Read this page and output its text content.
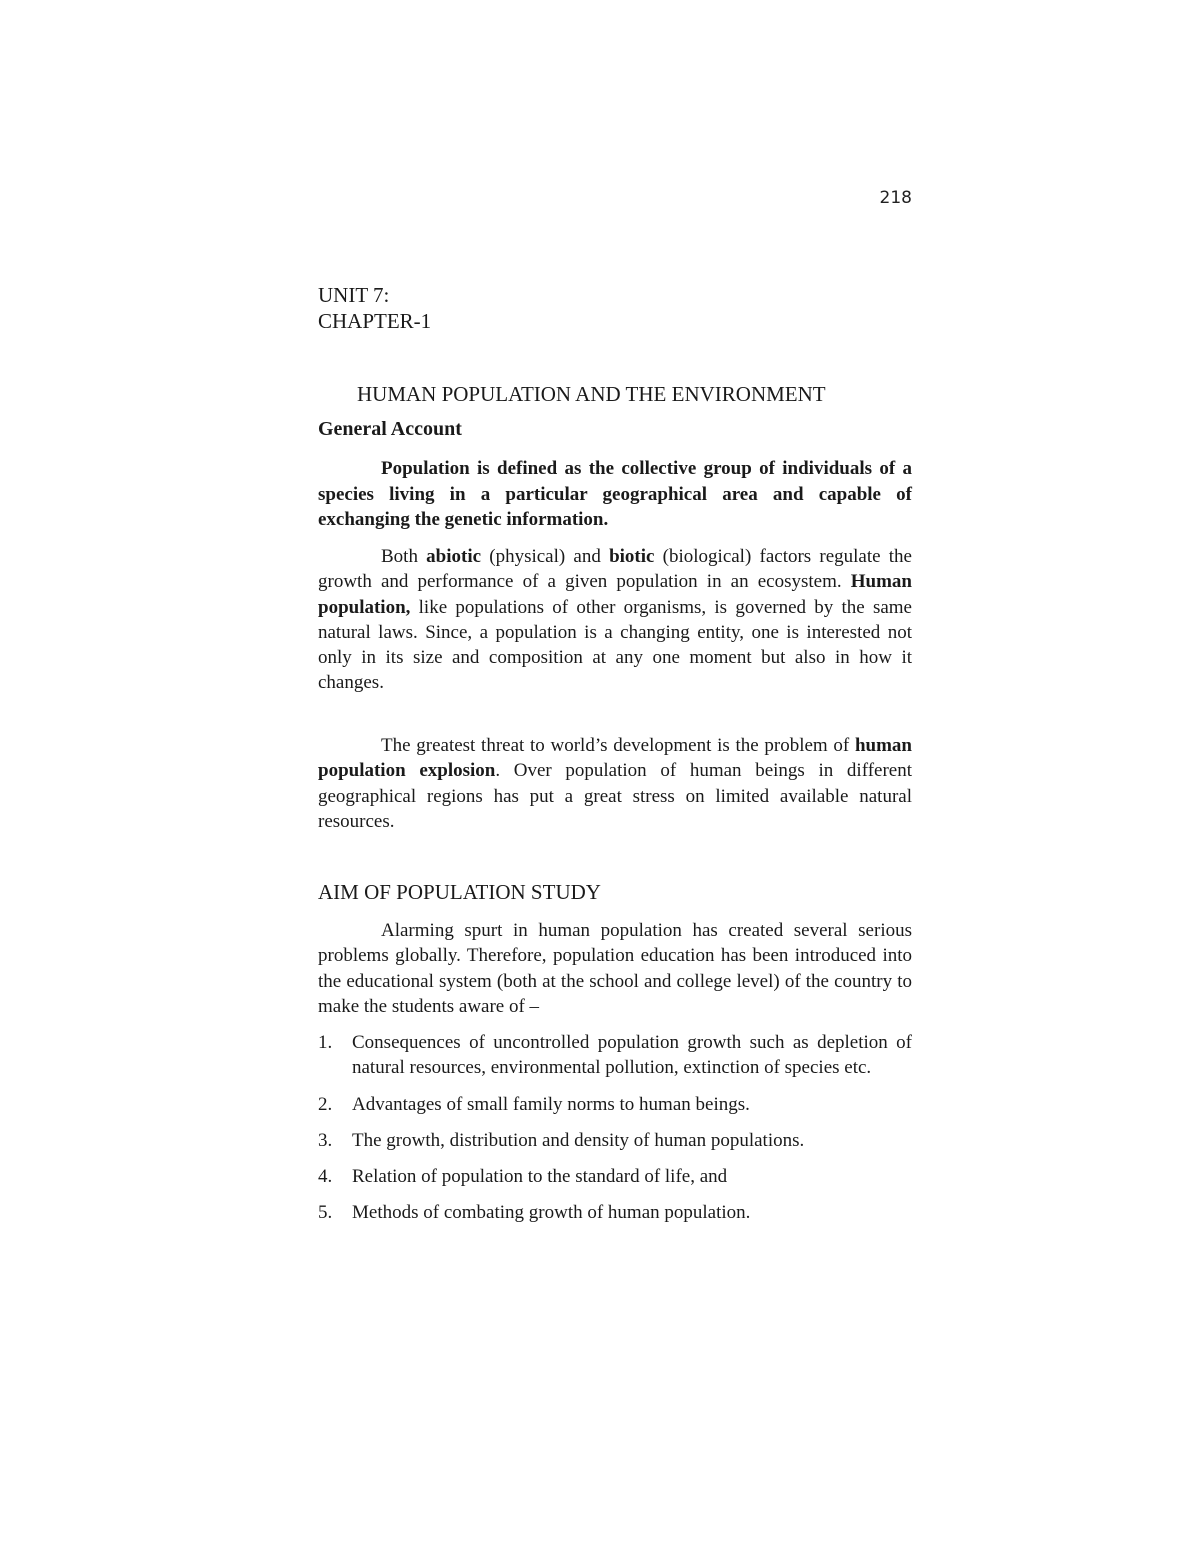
218
UNIT 7:
CHAPTER-1
HUMAN POPULATION AND THE ENVIRONMENT
General Account

Population is defined as the collective group of individuals of a species living in a particular geographical area and capable of exchanging the genetic information.

Both abiotic (physical) and biotic (biological) factors regulate the growth and performance of a given population in an ecosystem. Human population, like populations of other organisms, is governed by the same natural laws. Since, a population is a changing entity, one is interested not only in its size and composition at any one moment but also in how it changes.

The greatest threat to world’s development is the problem of human population explosion. Over population of human beings in different geographical regions has put a great stress on limited available natural resources.

AIM OF POPULATION STUDY

Alarming spurt in human population has created several serious problems globally. Therefore, population education has been introduced into the educational system (both at the school and college level) of the country to make the students aware of –

1. Consequences of uncontrolled population growth such as depletion of natural resources, environmental pollution, extinction of species etc.
2. Advantages of small family norms to human beings.
3. The growth, distribution and density of human populations.
4. Relation of population to the standard of life, and
5. Methods of combating growth of human population.
